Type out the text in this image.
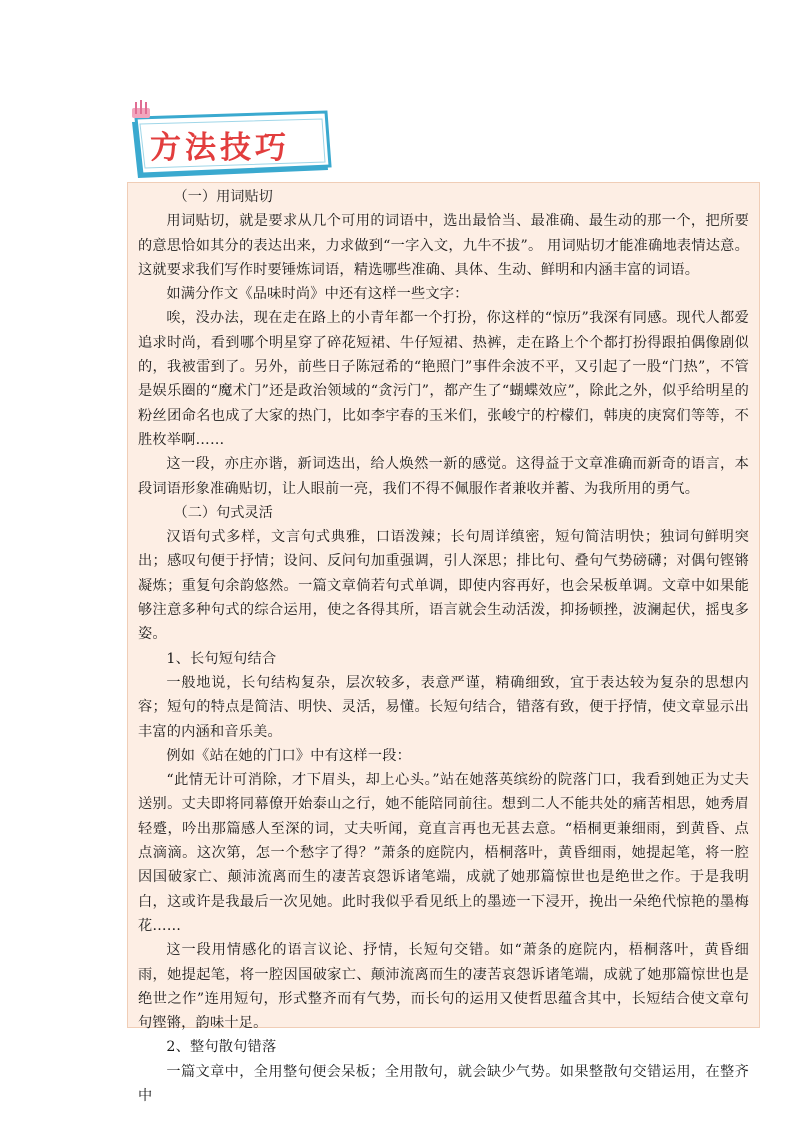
方法技巧

（一）用词贴切

用词贴切，就是要求从几个可用的词语中，选出最恰当、最准确、最生动的那一个，把所要的意思恰如其分的表达出来，力求做到“一字入文，九牛不拔”。 用词贴切才能准确地表情达意。这就要求我们写作时要锤炼词语，精选哪些准确、具体、生动、鲜明和内涵丰富的词语。

如满分作文《品味时尚》中还有这样一些文字：

唉，没办法，现在走在路上的小青年都一个打扮，你这样的“惊历”我深有同感。现代人都爱追求时尚，看到哪个明星穿了碎花短裙、牛仔短裙、热裤，走在路上个个都打扮得跟拍偶像剧似的，我被雷到了。另外，前些日子陈冠希的“艳照门”事件余波不平，又引起了一股“门热”，不管是娱乐圈的“魔术门”还是政治领域的“贪污门”，都产生了“蝴蝶效应”，除此之外，似乎给明星的粉丝团命名也成了大家的热门，比如李宇春的玉米们，张峻宁的柠檬们，韩庚的庚窝们等等，不胜枚举啊……

这一段，亦庄亦谐，新词迭出，给人焕然一新的感觉。这得益于文章准确而新奇的语言，本段词语形象准确贴切，让人眼前一亮，我们不得不佩服作者兼收并蓄、为我所用的勇气。

（二）句式灵活

汉语句式多样，文言句式典雅，口语泼辣；长句周详缜密，短句简洁明快；独词句鲜明突出；感叹句便于抒情；设问、反问句加重强调，引人深思；排比句、叠句气势磅礴；对偶句铿锵凝炼；重复句余韵悠然。一篇文章倘若句式单调，即使内容再好，也会呆板单调。文章中如果能够注意多种句式的综合运用，使之各得其所，语言就会生动活泼，抑扬顿挫，波澜起伏，摇曳多姿。

1、长句短句结合

一般地说，长句结构复杂，层次较多，表意严谨，精确细致，宜于表达较为复杂的思想内容；短句的特点是简洁、明快、灵活，易懂。长短句结合，错落有致，便于抒情，使文章显示出丰富的内涵和音乐美。

例如《站在她的门口》中有这样一段：

“此情无计可消除，才下眉头，却上心头。”站在她落英缤纷的院落门口，我看到她正为丈夫送别。丈夫即将同幕僚开始泰山之行，她不能陪同前往。想到二人不能共处的痛苦相思，她秀眉轻蹙，吟出那篇感人至深的词，丈夫听闻，竟直言再也无甚去意。“梧桐更兼细雨，到黄昏、点点滴滴。这次第，怎一个愁字了得？”萧条的庭院内，梧桐落叶，黄昏细雨，她提起笔，将一腔因国破家亡、颠沛流离而生的凄苦哀怨诉诸笔端，成就了她那篇惊世也是绝世之作。于是我明白，这或许是我最后一次见她。此时我似乎看见纸上的墨迹一下浸开，挽出一朵绝代惊艳的墨梅花……

这一段用情感化的语言议论、抒情，长短句交错。如“萧条的庭院内，梧桐落叶，黄昏细雨，她提起笔，将一腔因国破家亡、颠沛流离而生的凄苦哀怨诉诸笔端，成就了她那篇惊世也是绝世之作”连用短句，形式整齐而有气势，而长句的运用又使哲思蕴含其中，长短结合使文章句句铿锵，韵味十足。

2、整句散句错落

一篇文章中，全用整句便会呆板；全用散句，就会缺少气势。如果整散句交错运用，在整齐中
